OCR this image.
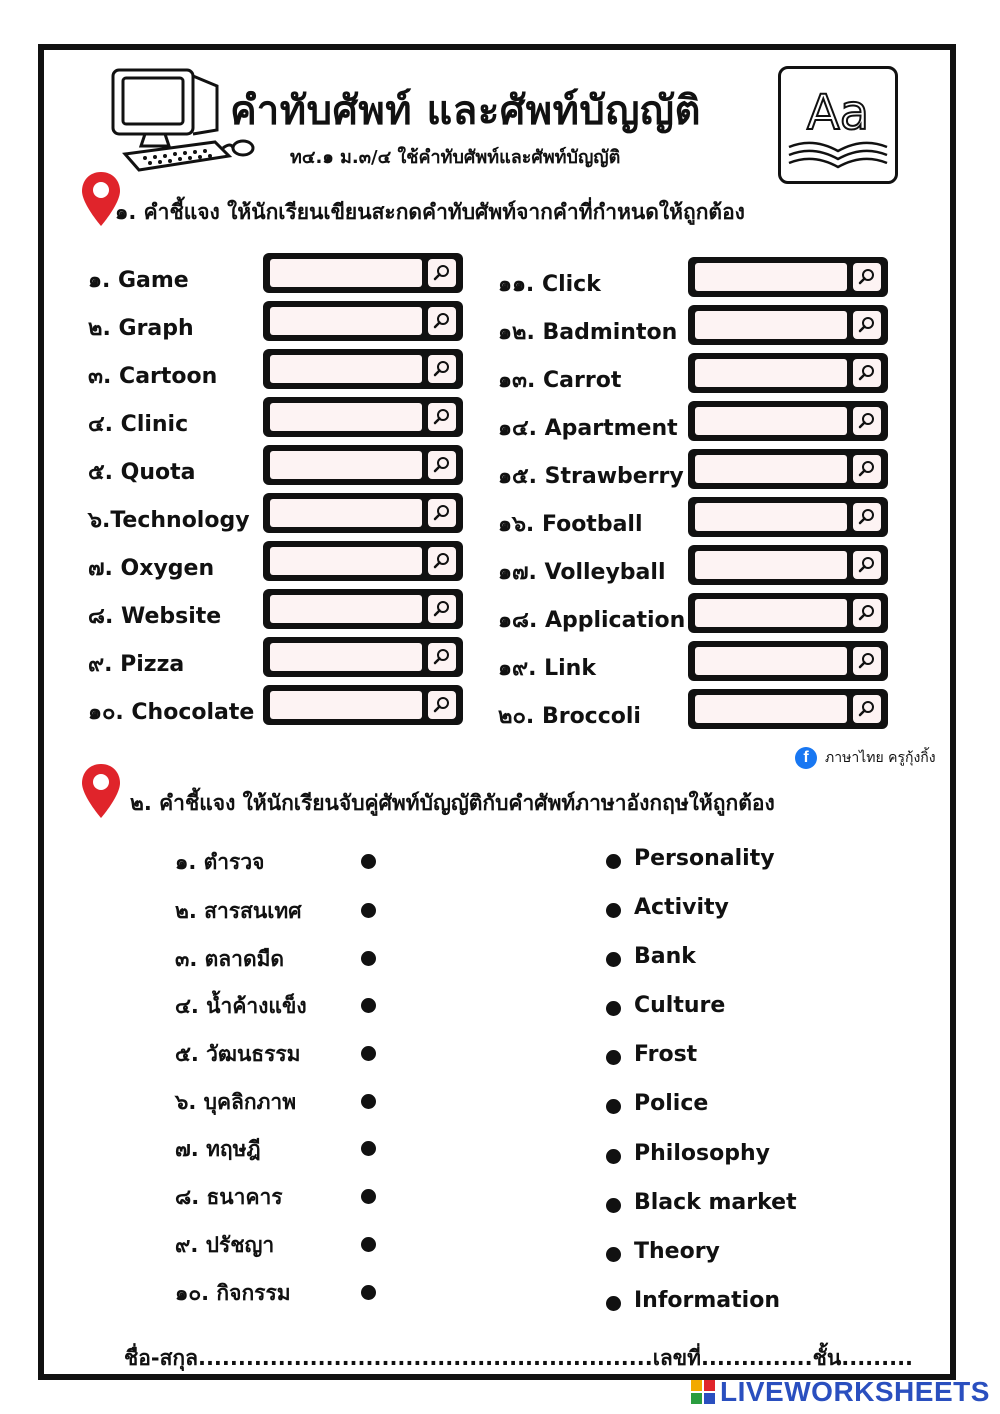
คำทับศัพท์ และศัพท์บัญญัติ
ท๔.๑ ม.๓/๔ ใช้คำทับศัพท์และศัพท์บัญญัติ
Aa
๑. คำชี้แจง ให้นักเรียนเขียนสะกดคำทับศัพท์จากคำที่กำหนดให้ถูกต้อง
๑. Game
๒. Graph
๓. Cartoon
๔. Clinic
๕. Quota
๖.Technology
๗. Oxygen
๘. Website
๙. Pizza
๑๐. Chocolate
๑๑. Click
๑๒. Badminton
๑๓. Carrot
๑๔. Apartment
๑๕. Strawberry
๑๖. Football
๑๗. Volleyball
๑๘. Application
๑๙. Link
๒๐. Broccoli
f	ภาษาไทย ครูกุ้งกิ้ง
๒. คำชี้แจง ให้นักเรียนจับคู่ศัพท์บัญญัติกับคำศัพท์ภาษาอังกฤษให้ถูกต้อง
๑. ตำรวจ
๒. สารสนเทศ
๓. ตลาดมืด
๔. น้ำค้างแข็ง
๕. วัฒนธรรม
๖. บุคลิกภาพ
๗. ทฤษฎี
๘. ธนาคาร
๙. ปรัชญา
๑๐. กิจกรรม
Personality
Activity
Bank
Culture
Frost
Police
Philosophy
Black market
Theory
Information
ชื่อ-สกุล.........................................................เลขที่..............ชั้น.........
LIVEWORKSHEETS
